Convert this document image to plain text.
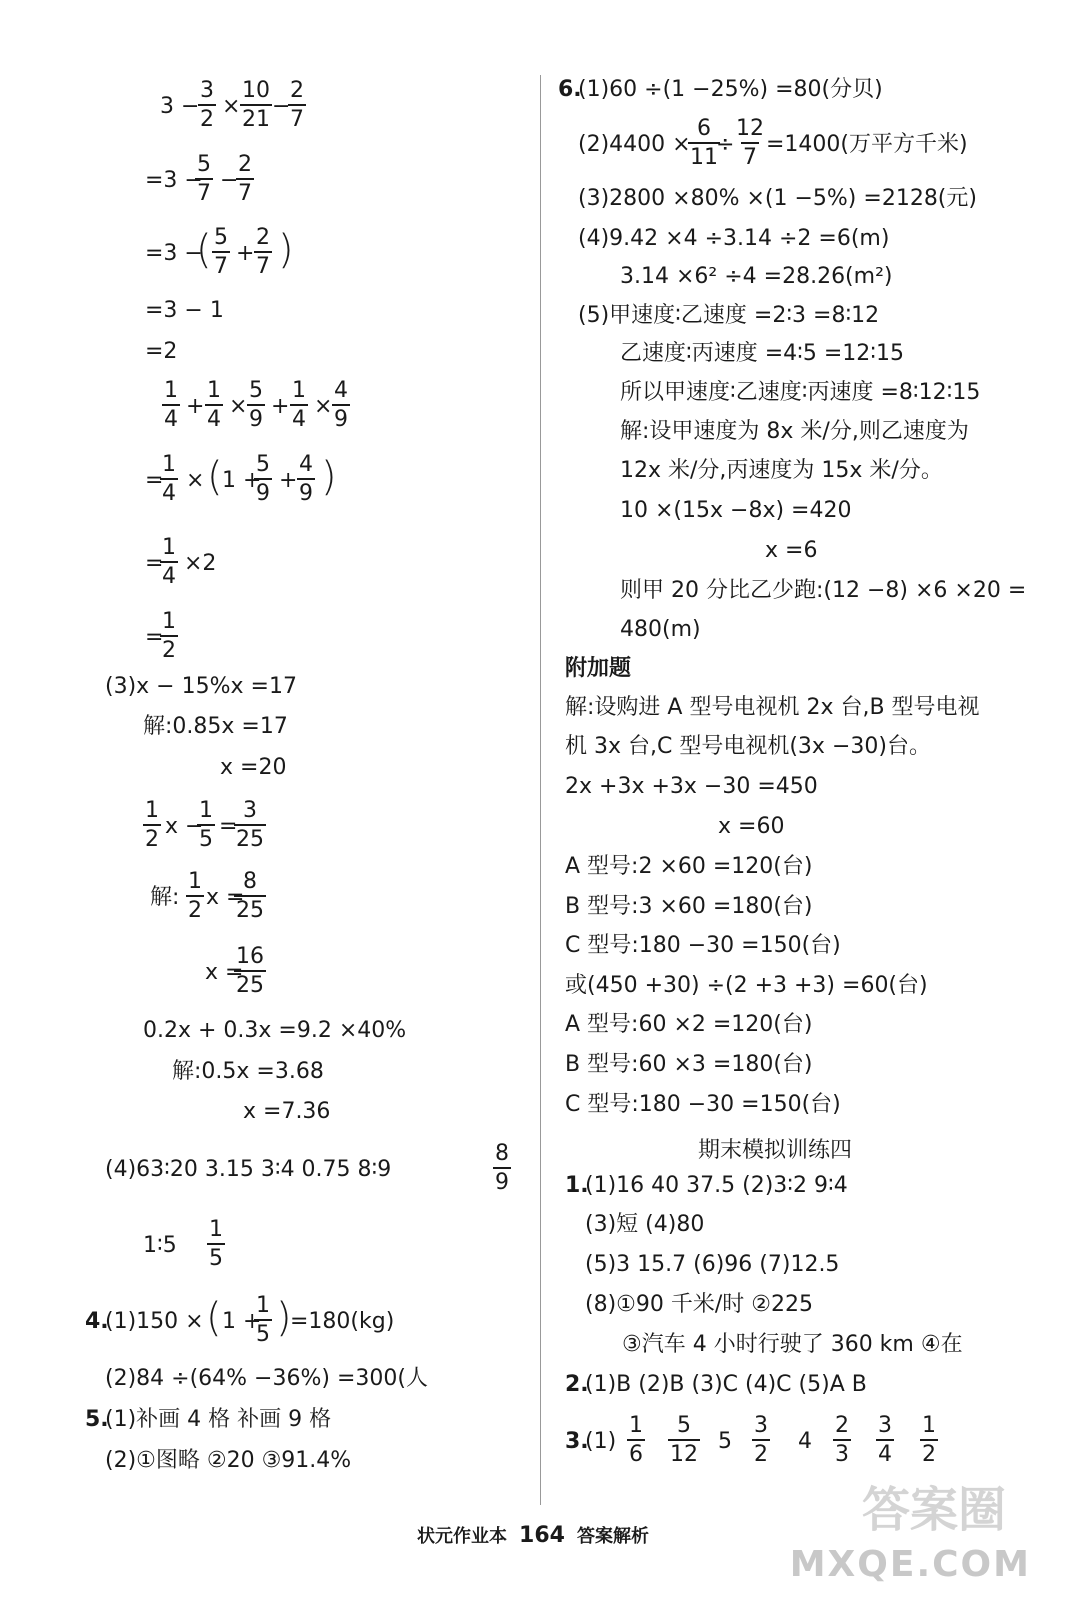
3 −
$\frac{3}{2} \times \frac{10}{21}$ −
$\frac{2}{7}$
=3 −
$\frac{5}{7}$ −
$\frac{2}{7}$
=3 −
( $\frac{5}{7} + \frac{2}{7}$ )
=3 − 1
=2
$\frac{1}{4} + \frac{1}{4} \times \frac{5}{9} + \frac{1}{4} \times \frac{4}{9}$
=
$\frac{1}{4}$ × ( 1 +
$\frac{5}{9} + \frac{4}{9}$ )
=
$\frac{1}{4} \times 2$
=
$\frac{1}{2}$
(3)x − 15%x =17
解:0.85x =17
x =20
$\frac{1}{2}$ x −
$\frac{1}{5}$ =
$\frac{3}{25}$
解: $\frac{1}{2}$ x =
$\frac{8}{25}$
x =
$\frac{16}{25}$
0.2x + 0.3x =9.2 ×40%
解:0.5x =3.68
x =7.36
(4)63∶20 3.15 3∶4 0.75 8∶9	$\frac{8}{9}$
1∶5 $\frac{1}{5}$
4.
(1)150 × ( 1 +
$\frac{1}{5}$ )
=180(kg)
(2)84 ÷(64% −36%) =300(人
5.
(1)补画 4 格 补画 9 格
(2)①图略 ②20 ③91.4%
6.
(1)60 ÷(1 −25%) =80(分贝)
(2)4400 ×
$\frac{6}{11}$
÷ $\frac{12}{7} =1400$(万平方千米)
(3)2800 ×80% ×(1 −5%) =2128(元)
(4)9.42 ×4 ÷3.14 ÷2 =6(m)
3.14 ×6² ÷4 =28.26(m²)
(5)甲速度∶乙速度 =2∶3 =8∶12
乙速度∶丙速度 =4∶5 =12∶15
所以甲速度∶乙速度∶丙速度 =8∶12∶15
解:设甲速度为 8x 米/分,则乙速度为
12x 米/分,丙速度为 15x 米/分。
10 ×(15x −8x) =420
x =6
则甲 20 分比乙少跑:(12 −8) ×6 ×20 =
480(m)
附加题
解:设购进 A 型号电视机 2x 台,B 型号电视
机 3x 台,C 型号电视机(3x −30)台。
2x +3x +3x −30 =450
x =60
A 型号:2 ×60 =120(台)
B 型号:3 ×60 =180(台)
C 型号:180 −30 =150(台)
或(450 +30) ÷(2 +3 +3) =60(台)
A 型号:60 ×2 =120(台)
B 型号:60 ×3 =180(台)
C 型号:180 −30 =150(台)
期末模拟训练四
1.
(1)16 40 37.5 (2)3∶2 9∶4
(3)短 (4)80
(5)3 15.7 (6)96 (7)12.5
(8)①90 千米/时 ②225
③汽车 4 小时行驶了 360 km ④在
2.
(1)B (2)B (3)C (4)C (5)A B
3.
$(1) \frac{1}{6} \frac{5}{12} 5 \frac{3}{2} 4 \frac{2}{3} \frac{3}{4} \frac{1}{2}$
状元作业本 164 答案解析	答案圈
MXQE.COM
